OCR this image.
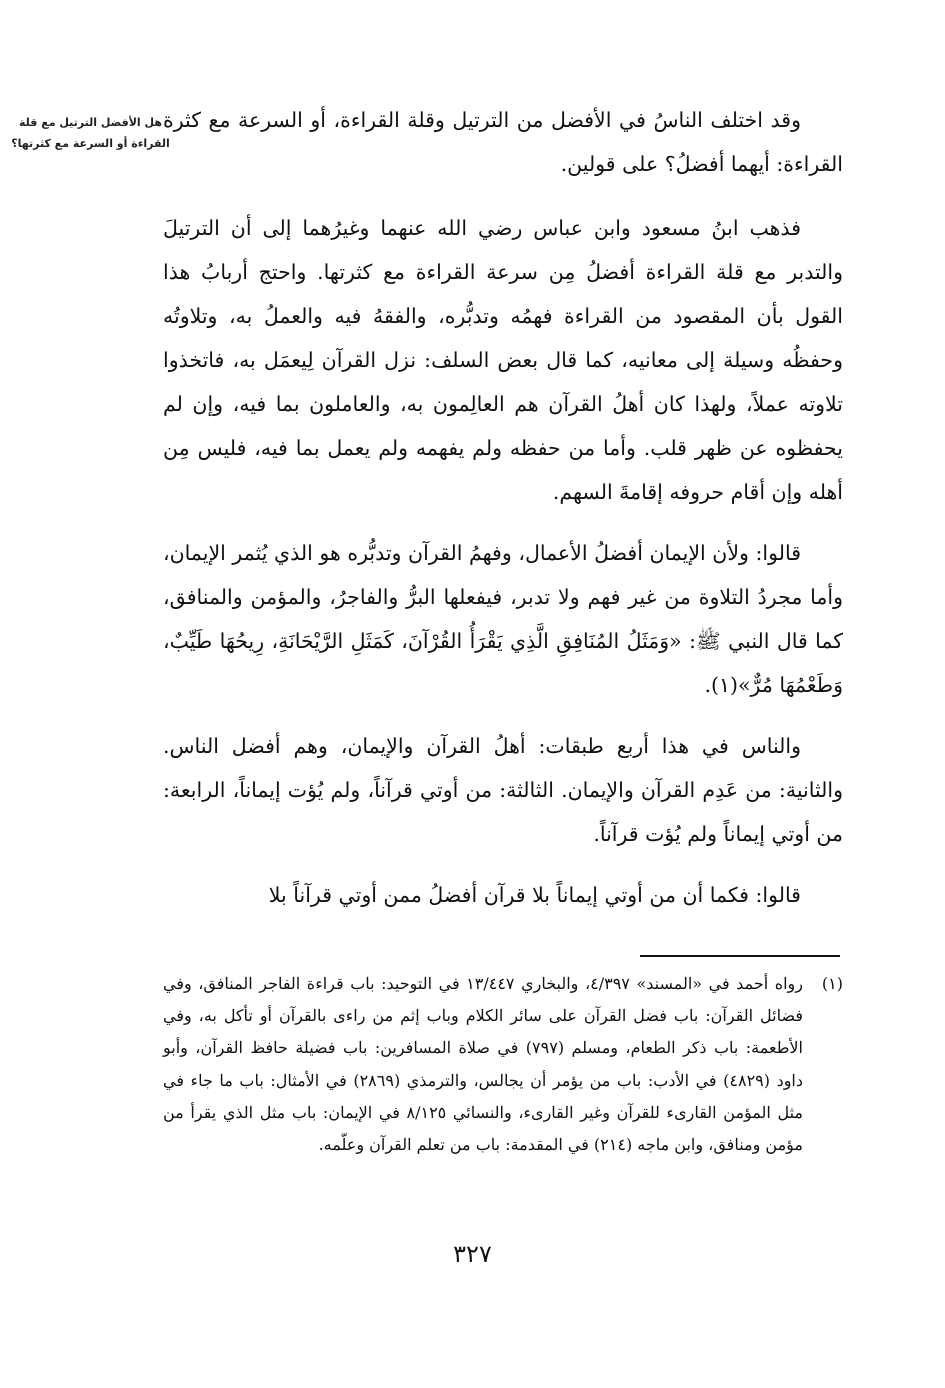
هل الأفضل الترتيل مع قلة القراءة أو السرعة مع كثرتها؟

وقد اختلف الناسُ في الأفضل من الترتيل وقلة القراءة، أو السرعة مع كثرة القراءة: أيهما أفضلُ؟ على قولين.

فذهب ابنُ مسعود وابن عباس رضي الله عنهما وغيرُهما إلى أن الترتيلَ والتدبر مع قلة القراءة أفضلُ مِن سرعة القراءة مع كثرتها. واحتج أربابُ هذا القول بأن المقصود من القراءة فهمُه وتدبُّره، والفقهُ فيه والعملُ به، وتلاوتُه وحفظُه وسيلة إلى معانيه، كما قال بعض السلف: نزل القرآن لِيعمَل به، فاتخذوا تلاوته عملاً، ولهذا كان أهلُ القرآن هم العالِمون به، والعاملون بما فيه، وإن لم يحفظوه عن ظهر قلب. وأما من حفظه ولم يفهمه ولم يعمل بما فيه، فليس مِن أهله وإن أقام حروفه إقامةَ السهم.

قالوا: ولأن الإيمان أفضلُ الأعمال، وفهمُ القرآن وتدبُّره هو الذي يُثمر الإيمان، وأما مجردُ التلاوة من غير فهم ولا تدبر، فيفعلها البرُّ والفاجرُ، والمؤمن والمنافق، كما قال النبي ﷺ: «وَمَثَلُ المُنَافِقِ الَّذِي يَقْرَأُ القُرْآنَ، كَمَثَلِ الرَّيْحَانَةِ، رِيحُهَا طَيِّبٌ، وَطَعْمُهَا مُرٌّ»(١).

والناس في هذا أربع طبقات: أهلُ القرآن والإيمان، وهم أفضل الناس. والثانية: من عَدِم القرآن والإيمان. الثالثة: من أوتي قرآناً، ولم يُؤت إيماناً، الرابعة: من أوتي إيماناً ولم يُؤت قرآناً.

قالوا: فكما أن من أوتي إيماناً بلا قرآن أفضلُ ممن أوتي قرآناً بلا

(١)
رواه أحمد في «المسند» ٤/٣٩٧، والبخاري ١٣/٤٤٧ في التوحيد: باب قراءة الفاجر المنافق، وفي فضائل القرآن: باب فضل القرآن على سائر الكلام وباب إثم من راءى بالقرآن أو تأكل به، وفي الأطعمة: باب ذكر الطعام، ومسلم (٧٩٧) في صلاة المسافرين: باب فضيلة حافظ القرآن، وأبو داود (٤٨٢٩) في الأدب: باب من يؤمر أن يجالس، والترمذي (٢٨٦٩) في الأمثال: باب ما جاء في مثل المؤمن القارىء للقرآن وغير القارىء، والنسائي ٨/١٢٥ في الإيمان: باب مثل الذي يقرأ من مؤمن ومنافق، وابن ماجه (٢١٤) في المقدمة: باب من تعلم القرآن وعلّمه.
٣٢٧
